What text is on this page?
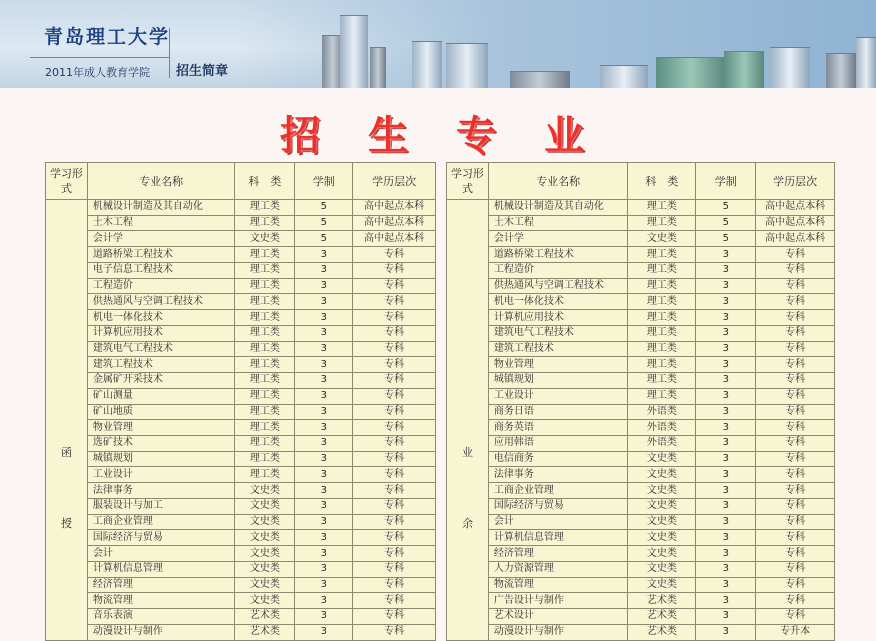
青岛理工大学
2011年成人教育学院 招生简章
招 生 专 业
学习形式	专业名称	科　类	学制	学历层次

函
授	机械设计制造及其自动化	理工类	5	高中起点本科
	土木工程	理工类	5	高中起点本科
	会计学	文史类	5	高中起点本科
	道路桥梁工程技术	理工类	3	专科
	电子信息工程技术	理工类	3	专科
	工程造价	理工类	3	专科
	供热通风与空调工程技术	理工类	3	专科
	机电一体化技术	理工类	3	专科
	计算机应用技术	理工类	3	专科
	建筑电气工程技术	理工类	3	专科
	建筑工程技术	理工类	3	专科
	金属矿开采技术	理工类	3	专科
	矿山测量	理工类	3	专科
	矿山地质	理工类	3	专科
	物业管理	理工类	3	专科
	选矿技术	理工类	3	专科
	城镇规划	理工类	3	专科
	工业设计	理工类	3	专科
	法律事务	文史类	3	专科
	服装设计与加工	文史类	3	专科
	工商企业管理	文史类	3	专科
	国际经济与贸易	文史类	3	专科
	会计	文史类	3	专科
	计算机信息管理	文史类	3	专科
	经济管理	文史类	3	专科
	物流管理	文史类	3	专科
	音乐表演	艺术类	3	专科
	动漫设计与制作	艺术类	3	专科
学习形式	专业名称	科　类	学制	学历层次

业
余	机械设计制造及其自动化	理工类	5	高中起点本科
	土木工程	理工类	5	高中起点本科
	会计学	文史类	5	高中起点本科
	道路桥梁工程技术	理工类	3	专科
	工程造价	理工类	3	专科
	供热通风与空调工程技术	理工类	3	专科
	机电一体化技术	理工类	3	专科
	计算机应用技术	理工类	3	专科
	建筑电气工程技术	理工类	3	专科
	建筑工程技术	理工类	3	专科
	物业管理	理工类	3	专科
	城镇规划	理工类	3	专科
	工业设计	理工类	3	专科
	商务日语	外语类	3	专科
	商务英语	外语类	3	专科
	应用韩语	外语类	3	专科
	电信商务	文史类	3	专科
	法律事务	文史类	3	专科
	工商企业管理	文史类	3	专科
	国际经济与贸易	文史类	3	专科
	会计	文史类	3	专科
	计算机信息管理	文史类	3	专科
	经济管理	文史类	3	专科
	人力资源管理	文史类	3	专科
	物流管理	文史类	3	专科
	广告设计与制作	艺术类	3	专科
	艺术设计	艺术类	3	专科
	动漫设计与制作	艺术类	3	专升本
